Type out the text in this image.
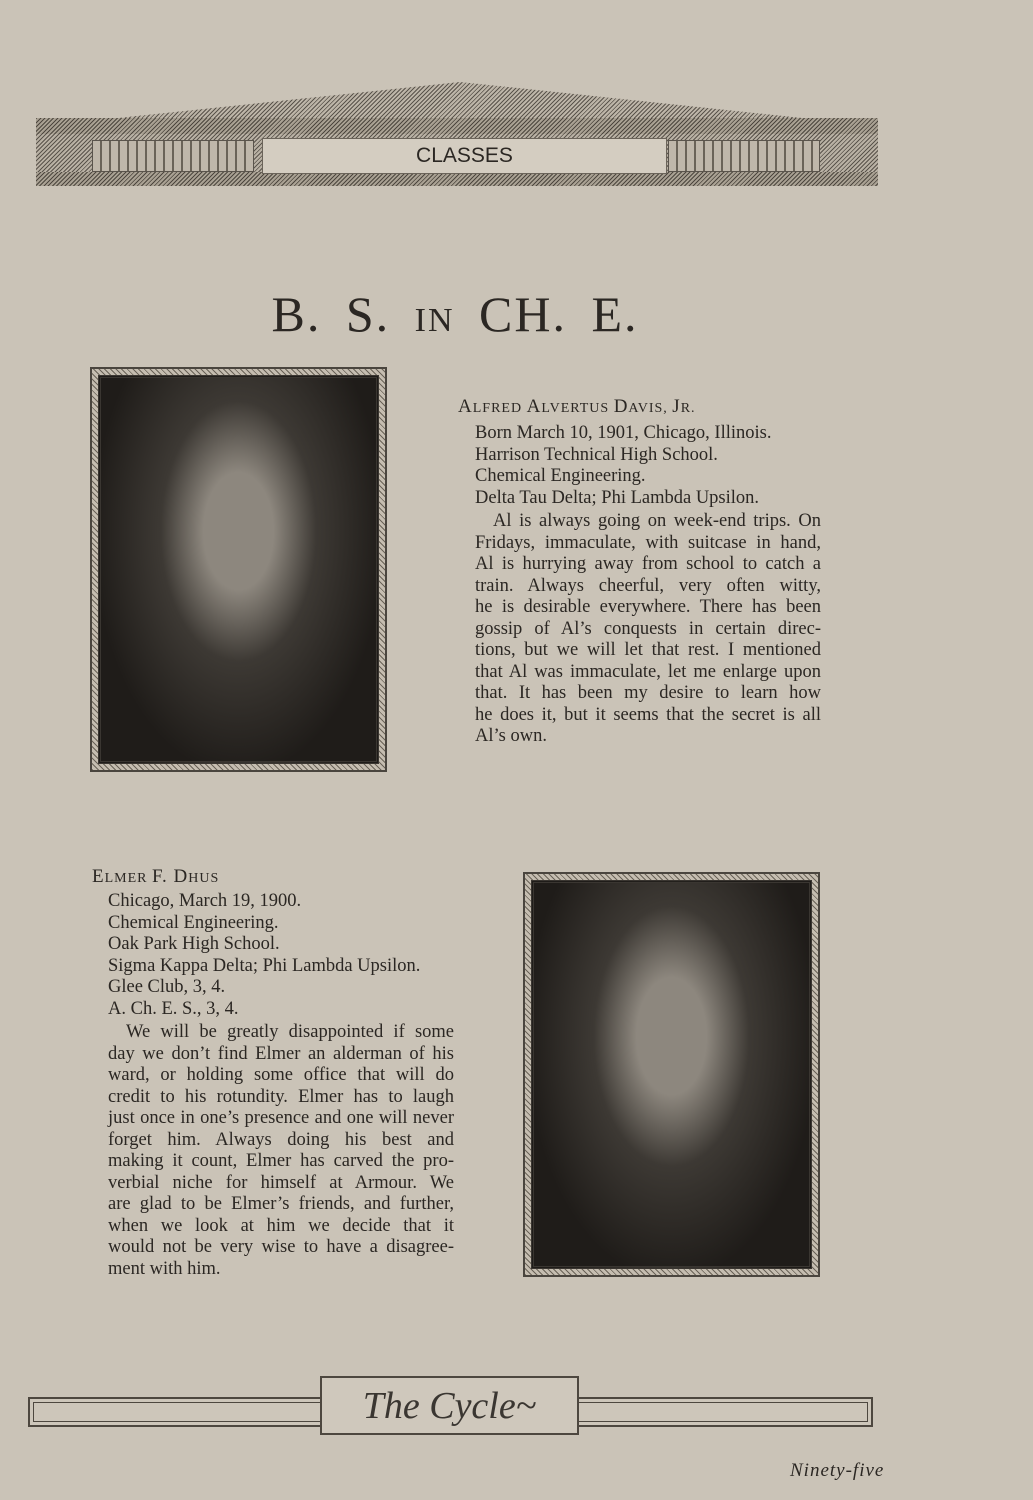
CLASSES
B. S. IN CH. E.
ALFRED ALVERTUS DAVIS, JR.
Born March 10, 1901, Chicago, Illinois.
Harrison Technical High School.
Chemical Engineering.
Delta Tau Delta; Phi Lambda Upsilon.
Al is always going on week-end trips. On
Fridays, immaculate, with suitcase in hand,
Al is hurrying away from school to catch a
train. Always cheerful, very often witty,
he is desirable everywhere. There has been
gossip of Al’s conquests in certain direc-
tions, but we will let that rest. I mentioned
that Al was immaculate, let me enlarge upon
that. It has been my desire to learn how
he does it, but it seems that the secret is all
Al’s own.
ELMER F. DHUS
Chicago, March 19, 1900.
Chemical Engineering.
Oak Park High School.
Sigma Kappa Delta; Phi Lambda Upsilon.
Glee Club, 3, 4.
A. Ch. E. S., 3, 4.
We will be greatly disappointed if some
day we don’t find Elmer an alderman of his
ward, or holding some office that will do
credit to his rotundity. Elmer has to laugh
just once in one’s presence and one will never
forget him. Always doing his best and
making it count, Elmer has carved the pro-
verbial niche for himself at Armour. We
are glad to be Elmer’s friends, and further,
when we look at him we decide that it
would not be very wise to have a disagree-
ment with him.
The Cycle~
Ninety-five
